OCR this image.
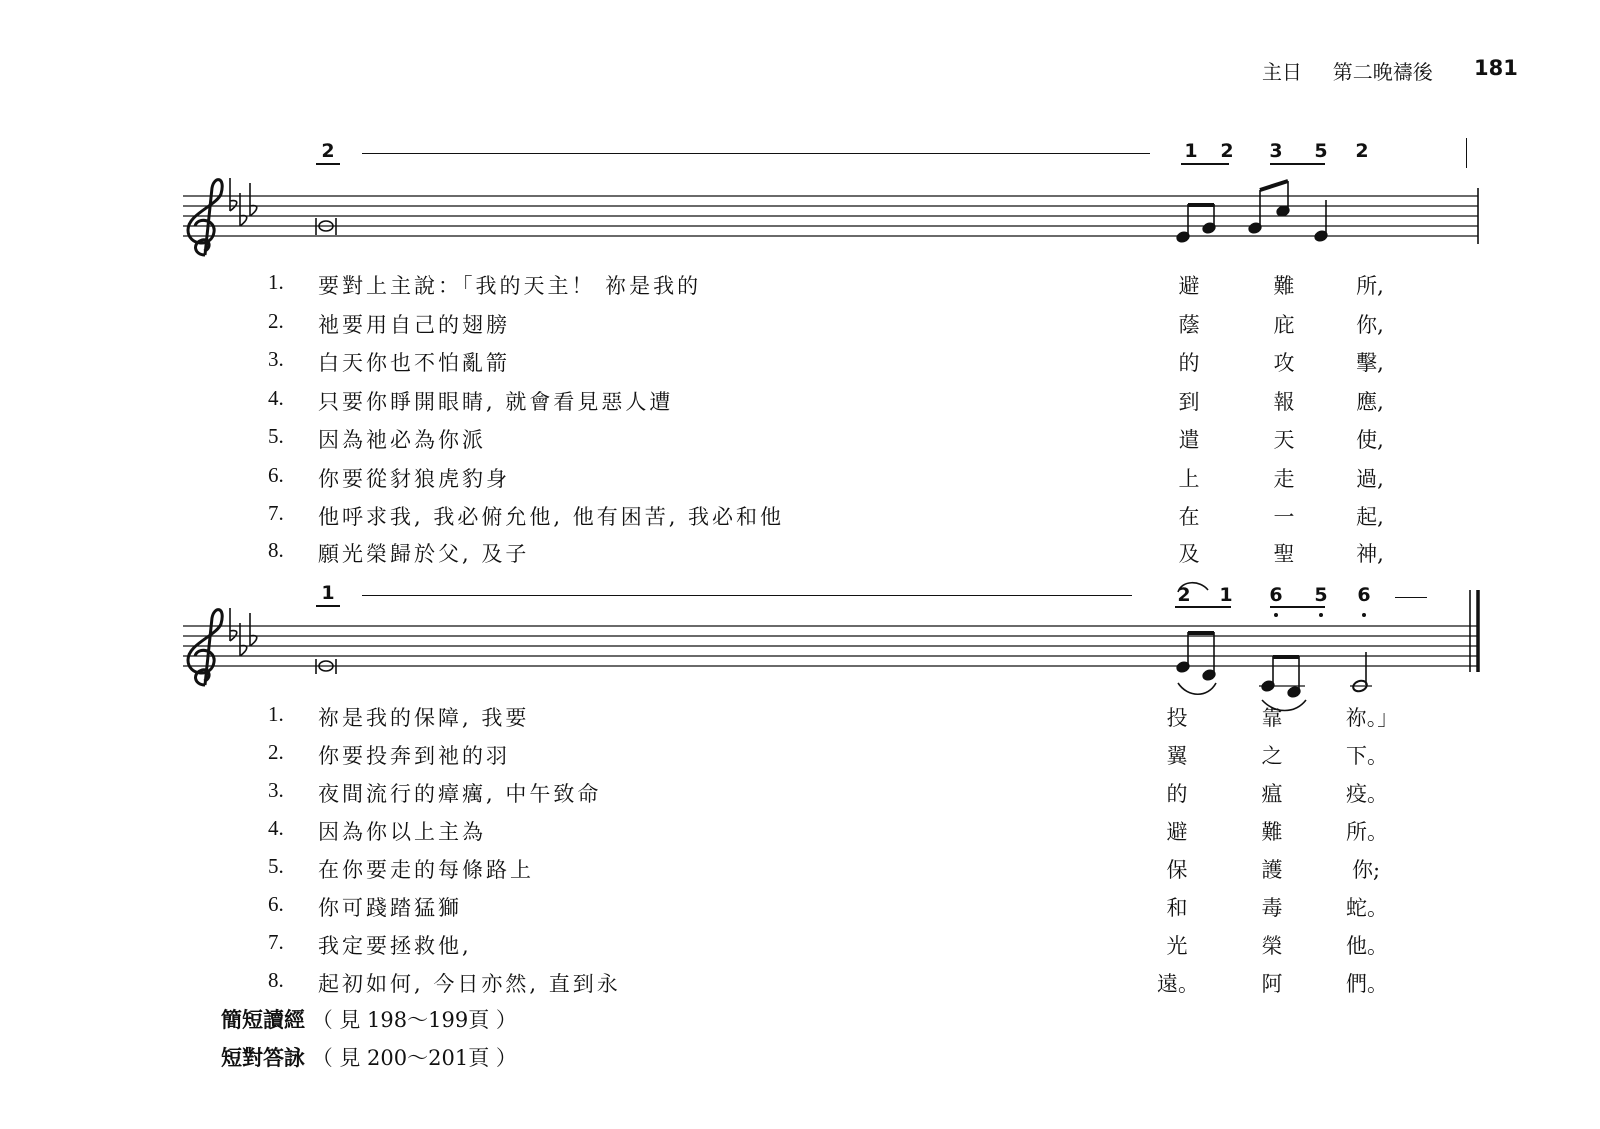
主日 第二晚禱後 181
2	1 2 3 5 2
1	2 1 6 5 6
1.	要對上主說：「我的天主！ 祢是我的	避	難	所,
2.	祂要用自己的翅膀	蔭	庇	你,
3.	白天你也不怕亂箭	的	攻	擊,
4.	只要你睜開眼睛, 就會看見惡人遭	到	報	應,
5.	因為祂必為你派	遣	天	使,
6.	你要從豺狼虎豹身	上	走	過,
7.	他呼求我, 我必俯允他, 他有困苦, 我必和他	在	一	起,
8.	願光榮歸於父, 及子	及	聖	神,
1.	祢是我的保障, 我要	投	靠	祢。」
2.	你要投奔到祂的羽	翼	之	下。
3.	夜間流行的瘴癘, 中午致命	的	瘟	疫。
4.	因為你以上主為	避	難	所。
5.	在你要走的每條路上	保	護	你;
6.	你可踐踏猛獅	和	毒	蛇。
7.	我定要拯救他,	光	榮	他。
8.	起初如何, 今日亦然, 直到永	遠。	阿	們。
簡短讀經 （ 見 198～199頁 ）
短對答詠 （ 見 200～201頁 ）
